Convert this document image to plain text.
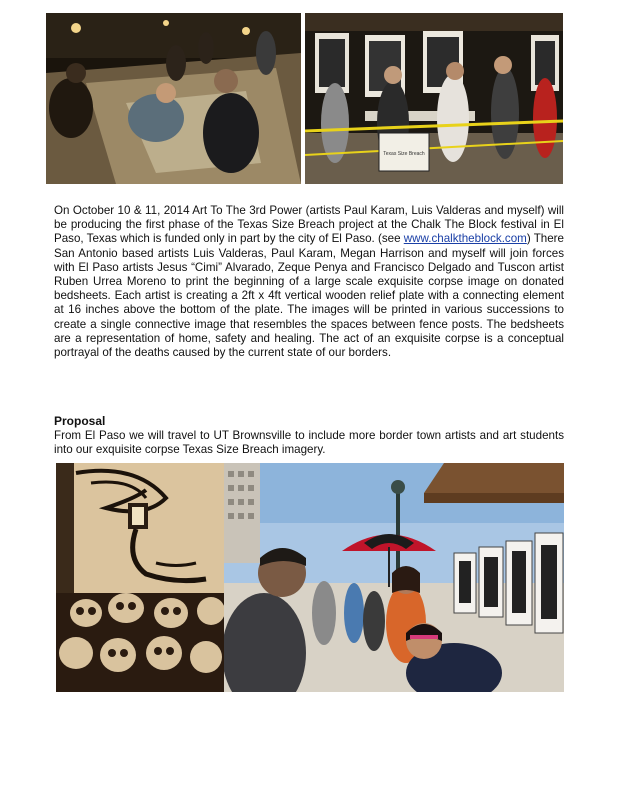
Texas Size Breach

On October 10 & 11, 2014 Art To The 3rd Power (artists Paul Karam, Luis Valderas and myself) will be producing the first phase of the Texas Size Breach project at the Chalk The Block festival in El Paso, Texas which is funded only in part by the city of El Paso. (see www.chalktheblock.com) There San Antonio based artists Luis Valderas, Paul Karam, Megan Harrison and myself will join forces with El Paso artists Jesus “Cimi” Alvarado, Zeque Penya and Francisco Delgado and Tuscon artist Ruben Urrea Moreno to print the beginning of a large scale exquisite corpse image on donated bedsheets. Each artist is creating a 2ft x 4ft vertical wooden relief plate with a connecting element at 16 inches above the bottom of the plate. The images will be printed in various successions to create a single connective image that resembles the spaces between fence posts. The bedsheets are a representation of home, safety and healing. The act of an exquisite corpse is a conceptual portrayal of the deaths caused by the current state of our borders.

Proposal

From El Paso we will travel to UT Brownsville to include more border town artists and art students into our exquisite corpse Texas Size Breach imagery.
